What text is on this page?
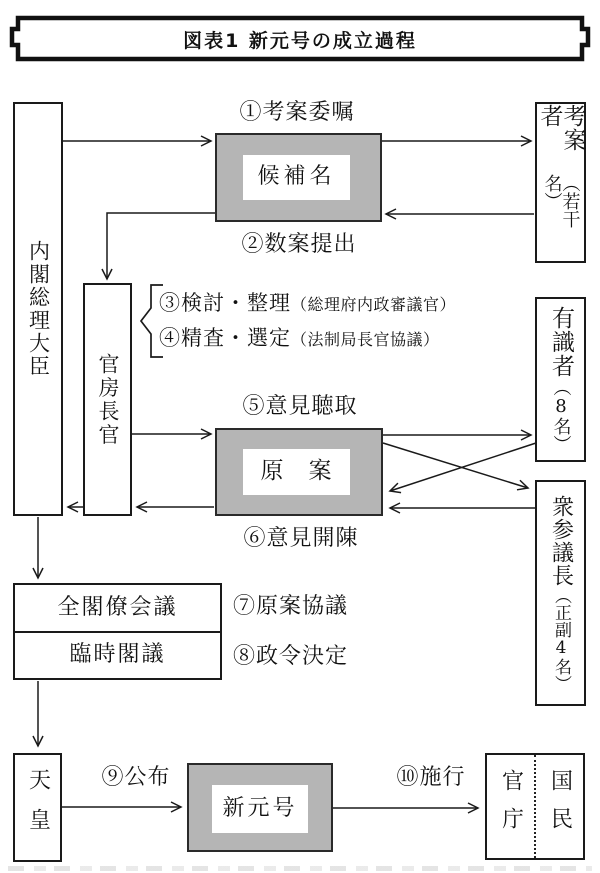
図表1 新元号の成立過程
内閣総理大臣
官房長官
候補名
考案者
︵若干名︶
有識者
︵8名︶
衆参議長
︵正副4名︶
原　案
全閣僚会議
臨時閣議
天皇	新元号	官庁 国民
①考案委嘱
②数案提出
③検討・整理（総理府内政審議官）
④精査・選定（法制局長官協議）
⑤意見聴取
⑥意見開陳
⑦原案協議
⑧政令決定
⑨公布	⑩施行
